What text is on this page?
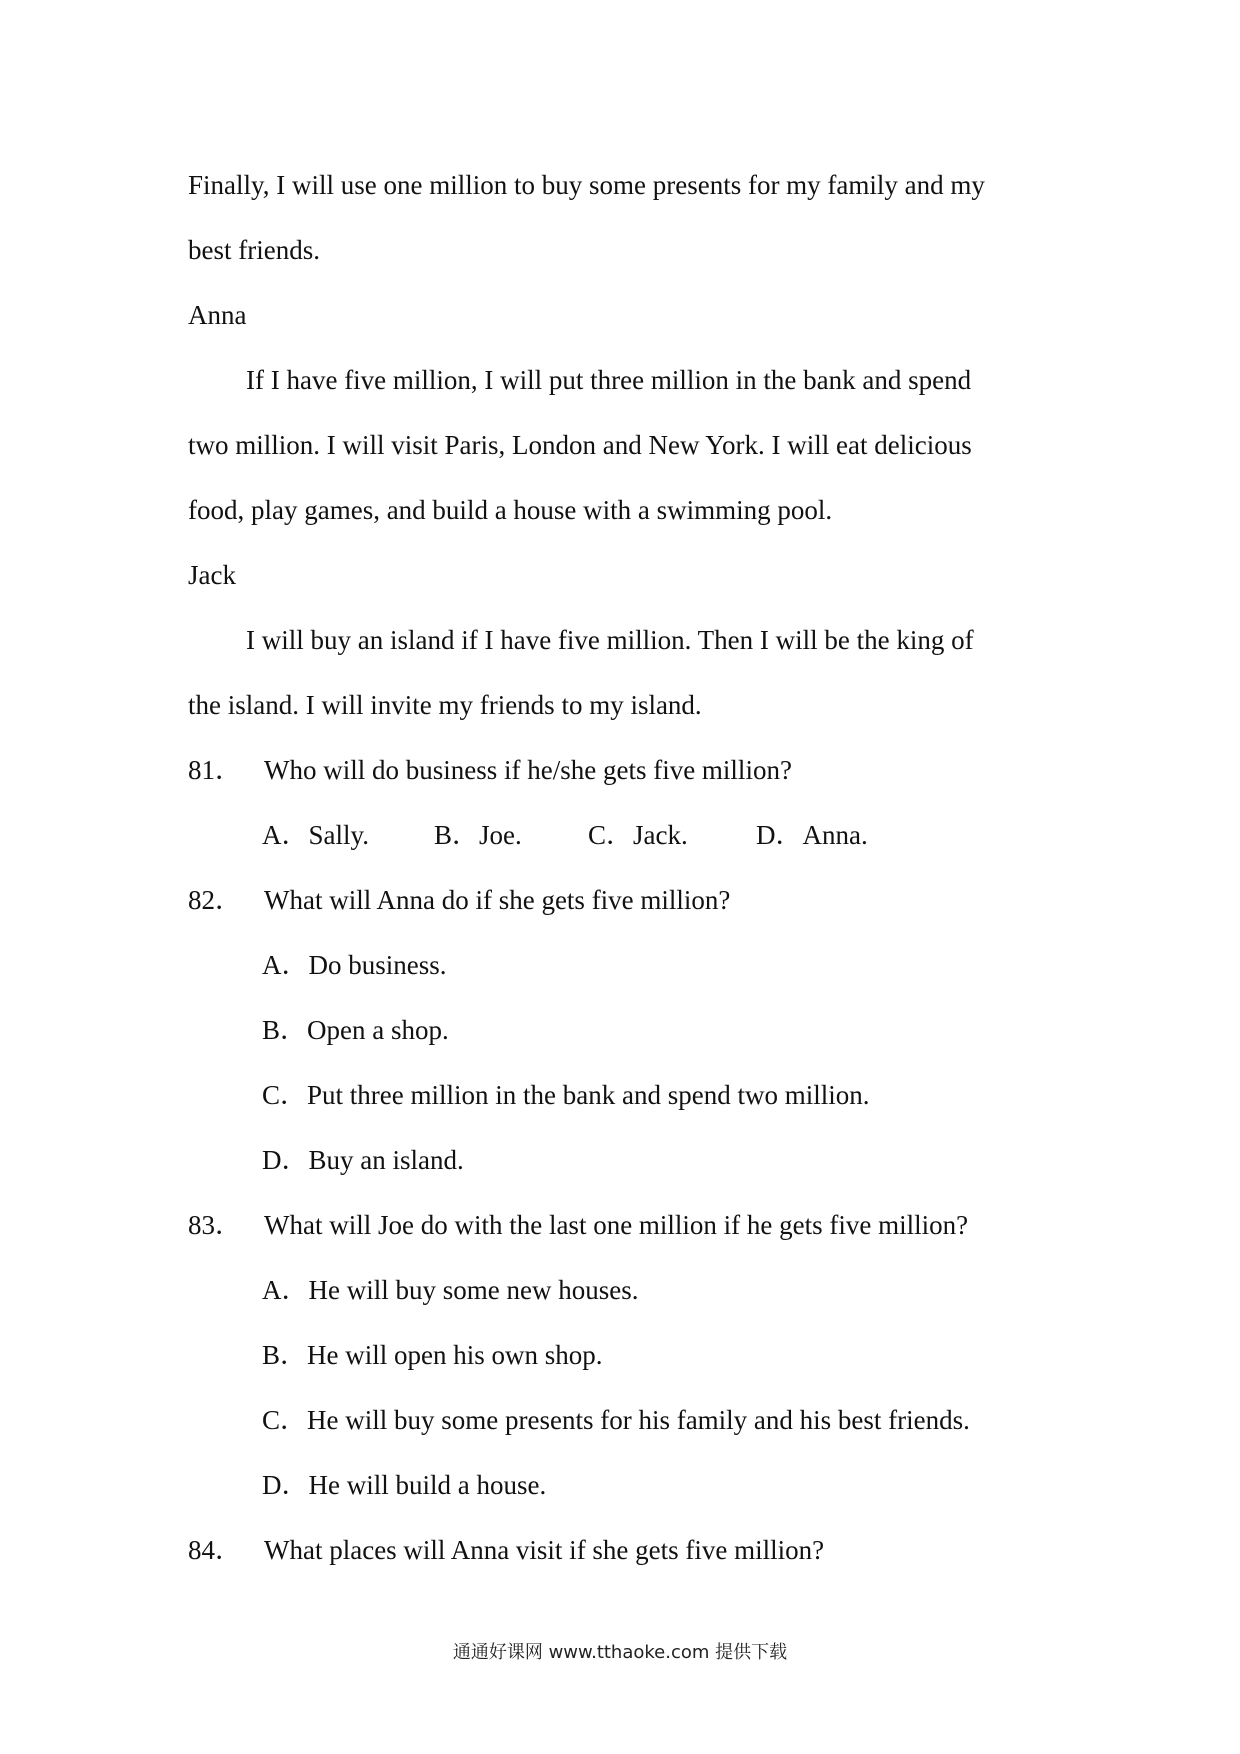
Finally, I will use one million to buy some presents for my family and my
best friends.
Anna
If I have five million, I will put three million in the bank and spend
two million. I will visit Paris, London and New York. I will eat delicious
food, play games, and build a house with a swimming pool.
Jack
I will buy an island if I have five million. Then I will be the king of
the island. I will invite my friends to my island.
81． Who will do business if he/she gets five million?
A．Sally. B．Joe. C．Jack.	D．Anna.
82． What will Anna do if she gets five million?
A．Do business.
B．Open a shop.
C．Put three million in the bank and spend two million.
D．Buy an island.
83． What will Joe do with the last one million if he gets five million?
A．He will buy some new houses.
B．He will open his own shop.
C．He will buy some presents for his family and his best friends.
D．He will build a house.
84． What places will Anna visit if she gets five million?
通通好课网 www.tthaoke.com 提供下载
